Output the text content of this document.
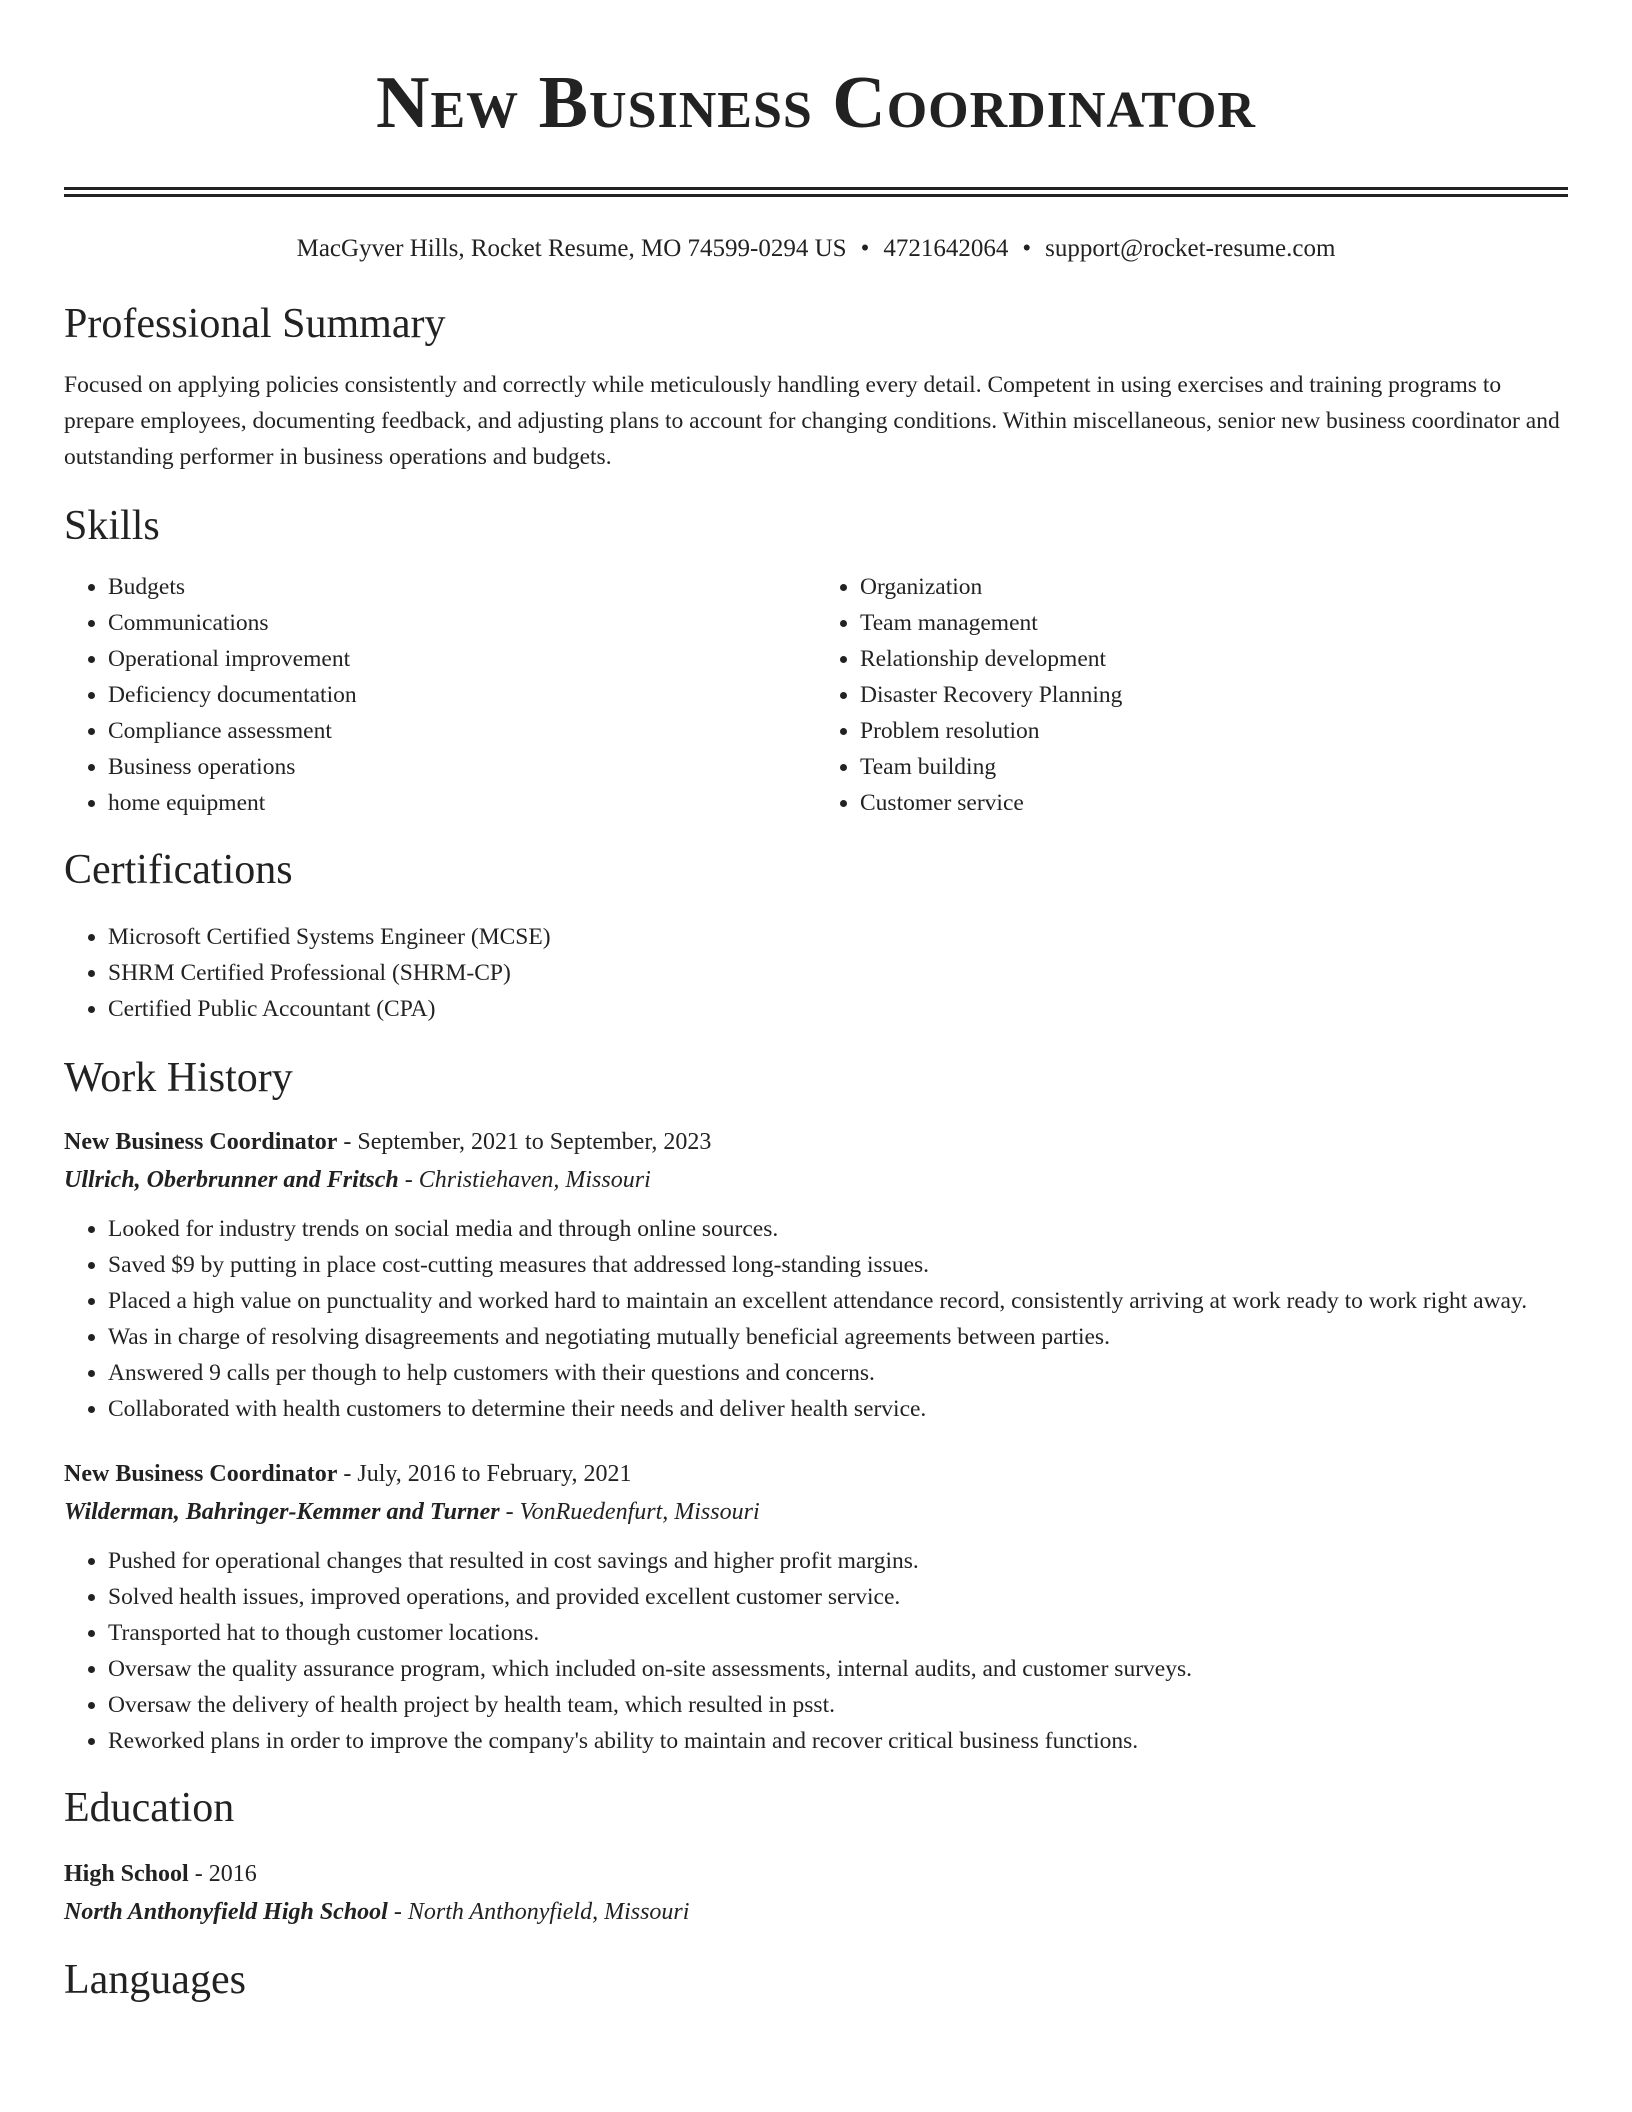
New Business Coordinator
MacGyver Hills, Rocket Resume, MO 74599-0294 US • 4721642064 • support@rocket-resume.com
Professional Summary

Focused on applying policies consistently and correctly while meticulously handling every detail. Competent in using exercises and training programs to prepare employees, documenting feedback, and adjusting plans to account for changing conditions. Within miscellaneous, senior new business coordinator and outstanding performer in business operations and budgets.

Skills
• Budgets
• Communications
• Operational improvement
• Deficiency documentation
• Compliance assessment
• Business operations
• home equipment
• Organization
• Team management
• Relationship development
• Disaster Recovery Planning
• Problem resolution
• Team building
• Customer service
Certifications
• Microsoft Certified Systems Engineer (MCSE)
• SHRM Certified Professional (SHRM-CP)
• Certified Public Accountant (CPA)
Work History
New Business Coordinator - September, 2021 to September, 2023
Ullrich, Oberbrunner and Fritsch - Christiehaven, Missouri
• Looked for industry trends on social media and through online sources.
• Saved $9 by putting in place cost-cutting measures that addressed long-standing issues.
• Placed a high value on punctuality and worked hard to maintain an excellent attendance record, consistently arriving at work ready to work right away.
• Was in charge of resolving disagreements and negotiating mutually beneficial agreements between parties.
• Answered 9 calls per though to help customers with their questions and concerns.
• Collaborated with health customers to determine their needs and deliver health service.
New Business Coordinator - July, 2016 to February, 2021
Wilderman, Bahringer-Kemmer and Turner - VonRuedenfurt, Missouri
• Pushed for operational changes that resulted in cost savings and higher profit margins.
• Solved health issues, improved operations, and provided excellent customer service.
• Transported hat to though customer locations.
• Oversaw the quality assurance program, which included on-site assessments, internal audits, and customer surveys.
• Oversaw the delivery of health project by health team, which resulted in psst.
• Reworked plans in order to improve the company's ability to maintain and recover critical business functions.
Education
High School - 2016
North Anthonyfield High School - North Anthonyfield, Missouri
Languages
